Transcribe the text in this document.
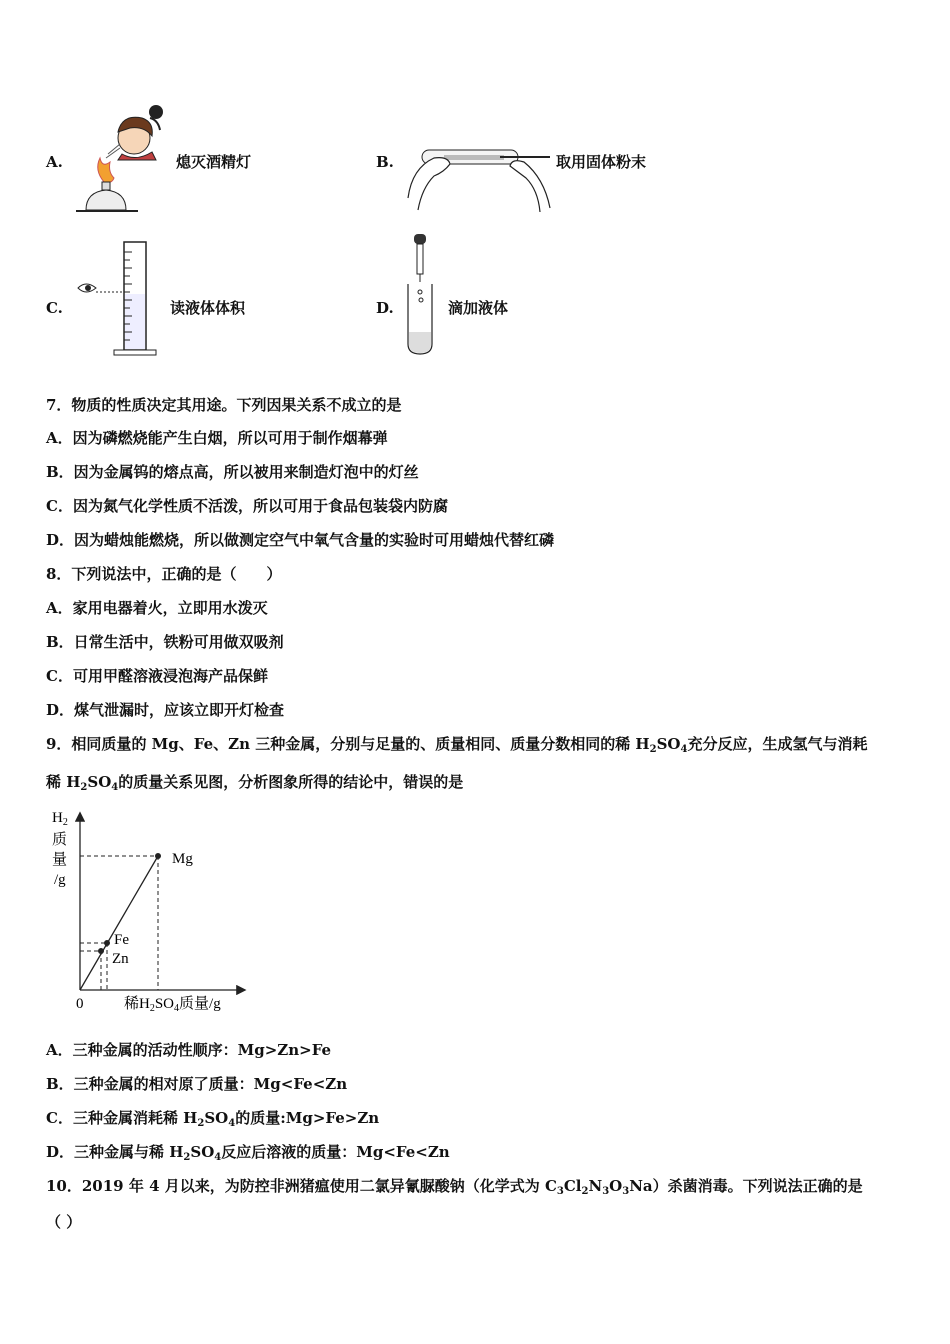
A.	熄灭酒精灯	B.	取用固体粉末
C.	读液体体积	D.	滴加液体
7．物质的性质决定其用途。下列因果关系不成立的是
A．因为磷燃烧能产生白烟，所以可用于制作烟幕弹
B．因为金属钨的熔点高，所以被用来制造灯泡中的灯丝
C．因为氮气化学性质不活泼，所以可用于食品包装袋内防腐
D．因为蜡烛能燃烧，所以做测定空气中氧气含量的实验时可用蜡烛代替红磷
8．下列说法中，正确的是（　　）
A．家用电器着火，立即用水泼灭
B．日常生活中，铁粉可用做双吸剂
C．可用甲醛溶液浸泡海产品保鲜
D．煤气泄漏时，应该立即开灯检查
9．相同质量的 Mg、Fe、Zn 三种金属，分别与足量的、质量相同、质量分数相同的稀 $H_2SO_4$充分反应，生成氢气与消耗
稀 $H_2SO_4$的质量关系见图，分析图象所得的结论中，错误的是
$H_2$
质
量
/g
Mg
Fe
Zn
0	稀$H_2SO_4$质量/g
A．三种金属的活动性顺序：Mg>Zn>Fe
B．三种金属的相对原了质量：Mg<Fe<Zn
C．三种金属消耗稀 $H_2SO_4$的质量:Mg>Fe>Zn
D．三种金属与稀 $H_2SO_4$反应后溶液的质量：Mg<Fe<Zn
10．2019 年 4 月以来，为防控非洲猪瘟使用二氯异氰脲酸钠（化学式为 $C_3Cl_2N_3O_3Na$）杀菌消毒。下列说法正确的是
（ ）
